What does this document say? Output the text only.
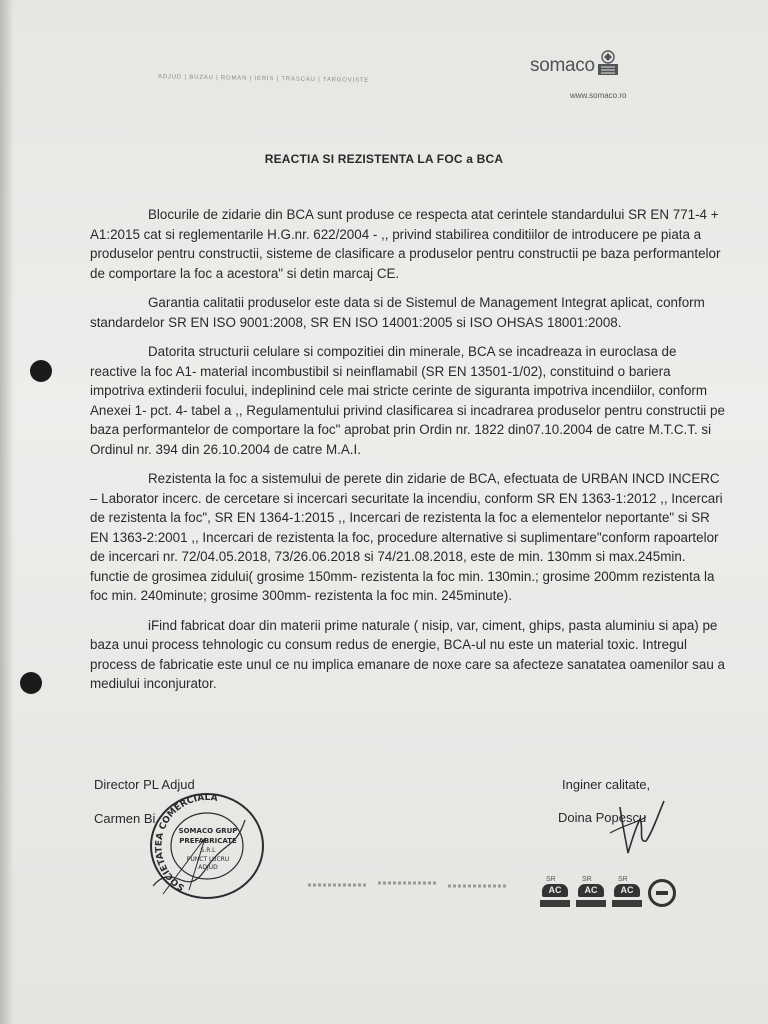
ADJUD | BUZAU | ROMAN | IERIS | TRASCAU | TARGOVISTE
somaco
www.somaco.ro
REACTIA SI REZISTENTA LA FOC a BCA

Blocurile de zidarie din BCA sunt produse ce respecta atat cerintele standardului SR EN 771-4 + A1:2015 cat si reglementarile H.G.nr. 622/2004 - ,, privind stabilirea conditiilor de introducere pe piata a produselor pentru constructii, sisteme de clasificare a produselor pentru constructii pe baza performantelor de comportare la foc a acestora" si detin marcaj CE.

Garantia calitatii produselor este data si de Sistemul de Management Integrat aplicat, conform standardelor SR EN ISO 9001:2008, SR EN ISO 14001:2005 si ISO OHSAS 18001:2008.

Datorita structurii celulare si compozitiei din minerale, BCA se incadreaza in euroclasa de reactive la foc A1- material incombustibil si neinflamabil (SR EN 13501-1/02), constituind o bariera impotriva extinderii focului, indeplinind cele mai stricte cerinte de siguranta impotriva incendiilor, conform Anexei 1- pct. 4- tabel a ,, Regulamentului privind clasificarea si incadrarea produselor pentru constructii pe baza performantelor de comportare la foc" aprobat prin Ordin nr. 1822 din07.10.2004 de catre M.T.C.T. si Ordinul nr. 394 din 26.10.2004 de catre M.A.I.

Rezistenta la foc a sistemului de perete din zidarie de BCA, efectuata de URBAN INCD INCERC – Laborator incerc. de cercetare si incercari securitate la incendiu, conform SR EN 1363-1:2012 ,, Incercari de rezistenta la foc", SR EN 1364-1:2015 ,, Incercari de rezistenta la foc a elementelor neportante" si SR EN 1363-2:2001 ,, Incercari de rezistenta la foc, procedure alternative si suplimentare"conform rapoartelor de incercari nr. 72/04.05.2018, 73/26.06.2018 si 74/21.08.2018, este de min. 130mm si max.245min. functie de grosimea zidului( grosime 150mm- rezistenta la foc min. 130min.; grosime 200mm rezistenta la foc min. 240minute; grosime 300mm- rezistenta la foc min. 245minute).

iFind fabricat doar din materii prime naturale ( nisip, var, ciment, ghips, pasta aluminiu si apa) pe baza unui process tehnologic cu consum redus de energie, BCA-ul nu este un material toxic. Intregul process de fabricatie este unul ce nu implica emanare de noxe care sa afecteze sanatatea oamenilor sau a mediului inconjurator.

Director PL Adjud
Carmen Bi
Inginer calitate,
Doina Popescu
SOCIETATEA COMERCIALA
SOMACO GRUP
PREFABRICATE
S.R.L
PUNCT LUCRU
ADJUD
SR
AC
SR
AC
SR
AC
